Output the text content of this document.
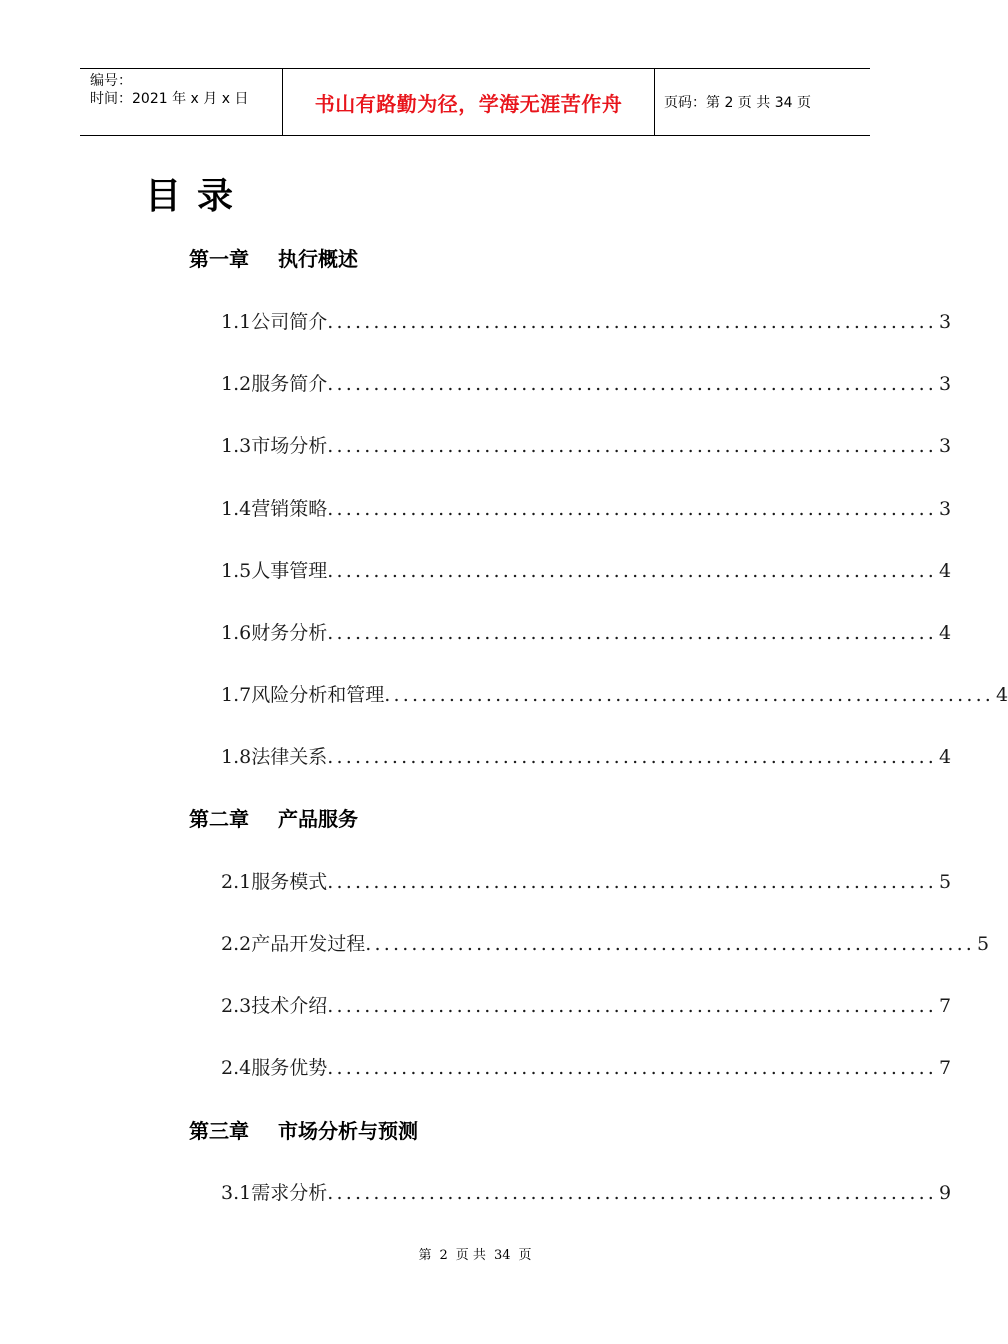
编号：
时间：2021 年 x 月 x 日	书山有路勤为径，学海无涯苦作舟	页码：第 2 页 共 34 页
目录
第一章 执行概述
1.1 公司简介 .................................................................. 3
1.2 服务简介 .................................................................. 3
1.3 市场分析 .................................................................. 3
1.4 营销策略 .................................................................. 3
1.5 人事管理 .................................................................. 4
1.6 财务分析 .................................................................. 4
1.7 风险分析和管理 .................................................................. 4
1.8 法律关系 .................................................................. 4
第二章 产品服务
2.1 服务模式 .................................................................. 5
2.2 产品开发过程 .................................................................. 5
2.3 技术介绍 .................................................................. 7
2.4 服务优势 .................................................................. 7
第三章 市场分析与预测
3.1 需求分析 .................................................................. 9
第 2 页 共 34 页
